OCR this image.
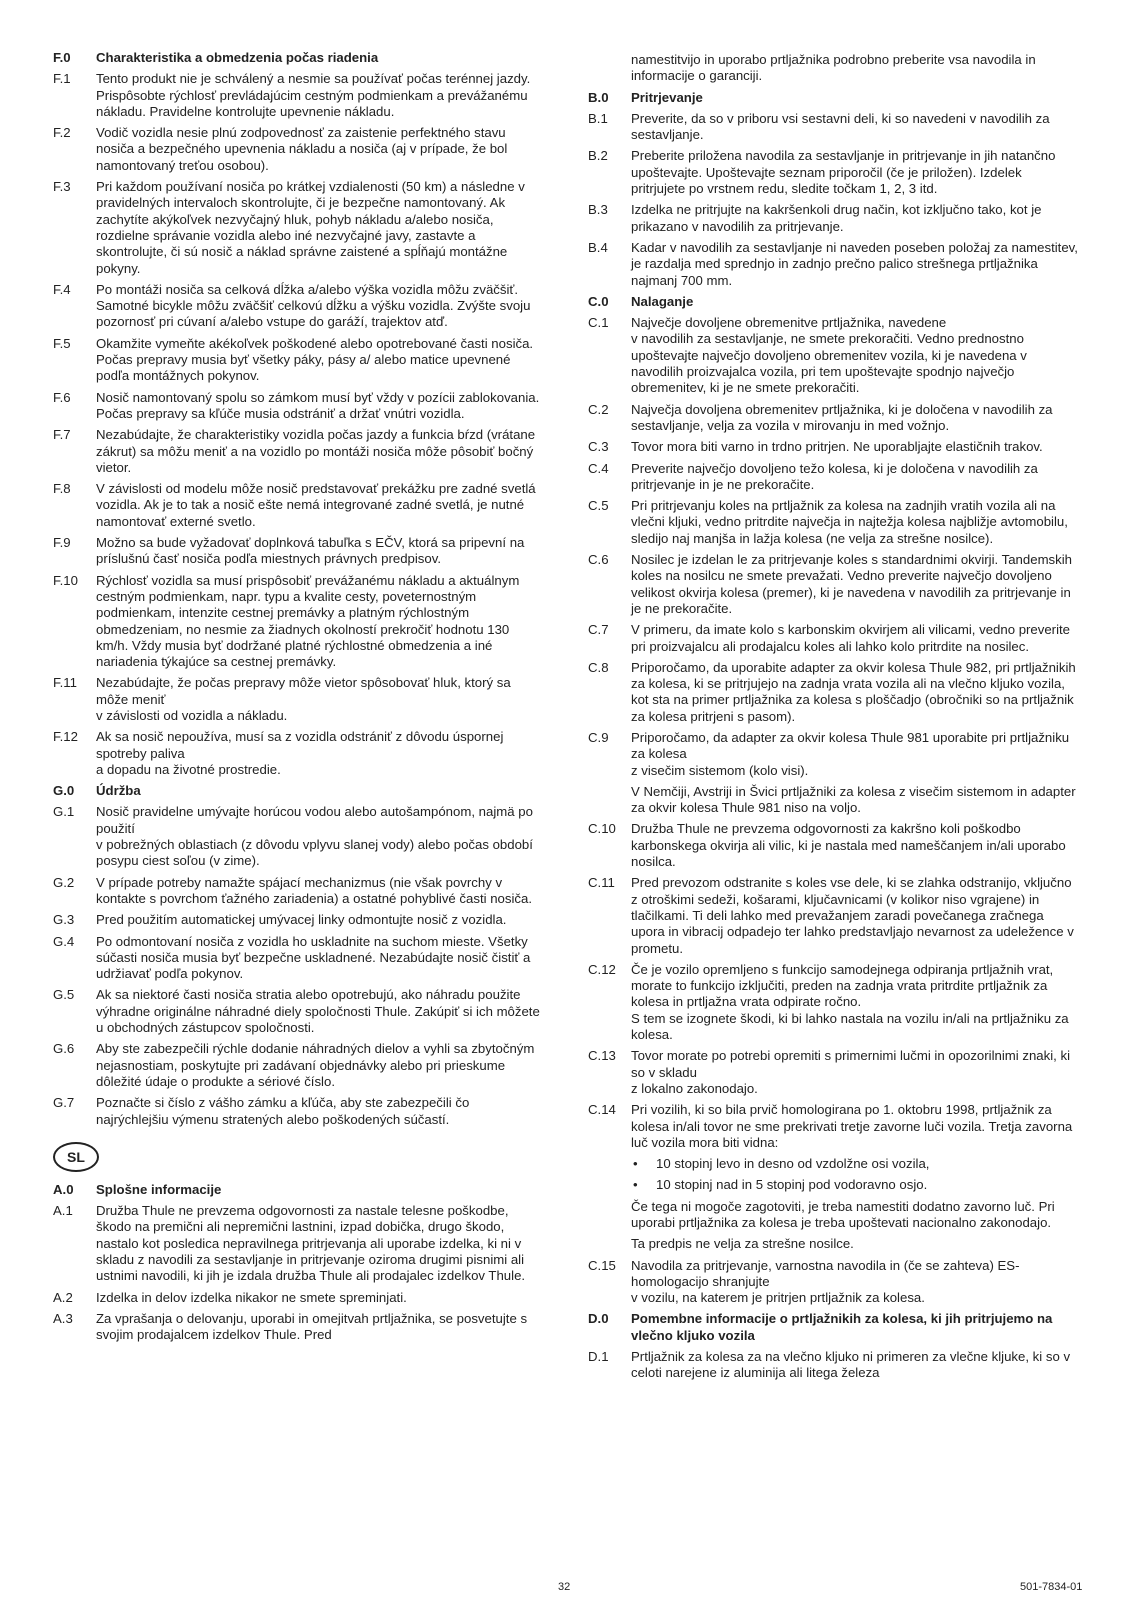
F.0	Charakteristika a obmedzenia počas riadenia
F.1	Tento produkt nie je schválený a nesmie sa používať počas terénnej jazdy. Prispôsobte rýchlosť prevládajúcim cestným podmienkam a prevážanému nákladu. Pravidelne kontrolujte upevnenie nákladu.
F.2	Vodič vozidla nesie plnú zodpovednosť za zaistenie perfektného stavu nosiča a bezpečného upevnenia nákladu a nosiča (aj v prípade, že bol namontovaný treťou osobou).
F.3	Pri každom používaní nosiča po krátkej vzdialenosti (50 km) a následne v pravidelných intervaloch skontrolujte, či je bezpečne namontovaný. Ak zachytíte akýkoľvek nezvyčajný hluk, pohyb nákladu a/alebo nosiča, rozdielne správanie vozidla alebo iné nezvyčajné javy, zastavte a skontrolujte, či sú nosič a náklad správne zaistené a spĺňajú montážne pokyny.
F.4	Po montáži nosiča sa celková dĺžka a/alebo výška vozidla môžu zväčšiť. Samotné bicykle môžu zväčšiť celkovú dĺžku a výšku vozidla. Zvýšte svoju pozornosť pri cúvaní a/alebo vstupe do garáží, trajektov atď.
F.5	Okamžite vymeňte akékoľvek poškodené alebo opotrebované časti nosiča. Počas prepravy musia byť všetky páky, pásy a/ alebo matice upevnené podľa montážnych pokynov.
F.6	Nosič namontovaný spolu so zámkom musí byť vždy v pozícii zablokovania. Počas prepravy sa kľúče musia odstrániť a držať vnútri vozidla.
F.7	Nezabúdajte, že charakteristiky vozidla počas jazdy a funkcia bŕzd (vrátane zákrut) sa môžu meniť a na vozidlo po montáži nosiča môže pôsobiť bočný vietor.
F.8	V závislosti od modelu môže nosič predstavovať prekážku pre zadné svetlá vozidla. Ak je to tak a nosič ešte nemá integrované zadné svetlá, je nutné namontovať externé svetlo.
F.9	Možno sa bude vyžadovať doplnková tabuľka s EČV, ktorá sa pripevní na príslušnú časť nosiča podľa miestnych právnych predpisov.
F.10	Rýchlosť vozidla sa musí prispôsobiť prevážanému nákladu a aktuálnym cestným podmienkam, napr. typu a kvalite cesty, poveternostným podmienkam, intenzite cestnej premávky a platným rýchlostným obmedzeniam, no nesmie za žiadnych okolností prekročiť hodnotu 130 km/h. Vždy musia byť dodržané platné rýchlostné obmedzenia a iné nariadenia týkajúce sa cestnej premávky.
F.11	Nezabúdajte, že počas prepravy môže vietor spôsobovať hluk, ktorý sa môže meniť
v závislosti od vozidla a nákladu.
F.12	Ak sa nosič nepoužíva, musí sa z vozidla odstrániť z dôvodu úspornej spotreby paliva
a dopadu na životné prostredie.
G.0	Údržba
G.1	Nosič pravidelne umývajte horúcou vodou alebo autošampónom, najmä po použití
v pobrežných oblastiach (z dôvodu vplyvu slanej vody) alebo počas období posypu ciest soľou (v zime).
G.2	V prípade potreby namažte spájací mechanizmus (nie však povrchy v kontakte s povrchom ťažného zariadenia) a ostatné pohyblivé časti nosiča.
G.3	Pred použitím automatickej umývacej linky odmontujte nosič z vozidla.
G.4	Po odmontovaní nosiča z vozidla ho uskladnite na suchom mieste. Všetky súčasti nosiča musia byť bezpečne uskladnené. Nezabúdajte nosič čistiť a udržiavať podľa pokynov.
G.5	Ak sa niektoré časti nosiča stratia alebo opotrebujú, ako náhradu použite výhradne originálne náhradné diely spoločnosti Thule. Zakúpiť si ich môžete u obchodných zástupcov spoločnosti.
G.6	Aby ste zabezpečili rýchle dodanie náhradných dielov a vyhli sa zbytočným nejasnostiam, poskytujte pri zadávaní objednávky alebo pri prieskume dôležité údaje o produkte a sériové číslo.
G.7	Poznačte si číslo z vášho zámku a kľúča, aby ste zabezpečili čo najrýchlejšiu výmenu stratených alebo poškodených súčastí.
SL
A.0	Splošne informacije
A.1	Družba Thule ne prevzema odgovornosti za nastale telesne poškodbe, škodo na premični ali nepremični lastnini, izpad dobička, drugo škodo, nastalo kot posledica nepravilnega pritrjevanja ali uporabe izdelka, ki ni v skladu z navodili za sestavljanje in pritrjevanje oziroma drugimi pisnimi ali ustnimi navodili, ki jih je izdala družba Thule ali prodajalec izdelkov Thule.
A.2	Izdelka in delov izdelka nikakor ne smete spreminjati.
A.3	Za vprašanja o delovanju, uporabi in omejitvah prtljažnika, se posvetujte s svojim prodajalcem izdelkov Thule. Pred
namestitvijo in uporabo prtljažnika podrobno preberite vsa navodila in informacije o garanciji.
B.0	Pritrjevanje
B.1	Preverite, da so v priboru vsi sestavni deli, ki so navedeni v navodilih za sestavljanje.
B.2	Preberite priložena navodila za sestavljanje in pritrjevanje in jih natančno upoštevajte. Upoštevajte seznam priporočil (če je priložen). Izdelek pritrjujete po vrstnem redu, sledite točkam 1, 2, 3 itd.
B.3	Izdelka ne pritrjujte na kakršenkoli drug način, kot izključno tako, kot je prikazano v navodilih za pritrjevanje.
B.4	Kadar v navodilih za sestavljanje ni naveden poseben položaj za namestitev, je razdalja med sprednjo in zadnjo prečno palico strešnega prtljažnika najmanj 700 mm.
C.0	Nalaganje
C.1	Največje dovoljene obremenitve prtljažnika, navedene
v navodilih za sestavljanje, ne smete prekoračiti. Vedno prednostno upoštevajte največjo dovoljeno obremenitev vozila, ki je navedena v navodilih proizvajalca vozila, pri tem upoštevajte spodnjo največjo obremenitev, ki je ne smete prekoračiti.
C.2	Največja dovoljena obremenitev prtljažnika, ki je določena v navodilih za sestavljanje, velja za vozila v mirovanju in med vožnjo.
C.3	Tovor mora biti varno in trdno pritrjen. Ne uporabljajte elastičnih trakov.
C.4	Preverite največjo dovoljeno težo kolesa, ki je določena v navodilih za pritrjevanje in je ne prekoračite.
C.5	Pri pritrjevanju koles na prtljažnik za kolesa na zadnjih vratih vozila ali na vlečni kljuki, vedno pritrdite največja in najtežja kolesa najbližje avtomobilu, sledijo naj manjša in lažja kolesa (ne velja za strešne nosilce).
C.6	Nosilec je izdelan le za pritrjevanje koles s standardnimi okvirji. Tandemskih koles na nosilcu ne smete prevažati. Vedno preverite največjo dovoljeno velikost okvirja kolesa (premer), ki je navedena v navodilih za pritrjevanje in je ne prekoračite.
C.7	V primeru, da imate kolo s karbonskim okvirjem ali vilicami, vedno preverite pri proizvajalcu ali prodajalcu koles ali lahko kolo pritrdite na nosilec.
C.8	Priporočamo, da uporabite adapter za okvir kolesa Thule 982, pri prtljažnikih za kolesa, ki se pritrjujejo na zadnja vrata vozila ali na vlečno kljuko vozila, kot sta na primer prtljažnika za kolesa s ploščadjo (obročniki so na prtljažnik za kolesa pritrjeni s pasom).
C.9	Priporočamo, da adapter za okvir kolesa Thule 981 uporabite pri prtljažniku za kolesa
z visečim sistemom (kolo visi).
V Nemčiji, Avstriji in Švici prtljažniki za kolesa z visečim sistemom in adapter za okvir kolesa Thule 981 niso na voljo.
C.10	Družba Thule ne prevzema odgovornosti za kakršno koli poškodbo karbonskega okvirja ali vilic, ki je nastala med nameščanjem in/ali uporabo nosilca.
C.11	Pred prevozom odstranite s koles vse dele, ki se zlahka odstranijo, vključno z otroškimi sedeži, košarami, ključavnicami (v kolikor niso vgrajene) in tlačilkami. Ti deli lahko med prevažanjem zaradi povečanega zračnega upora in vibracij odpadejo ter lahko predstavljajo nevarnost za udeležence v prometu.
C.12	Če je vozilo opremljeno s funkcijo samodejnega odpiranja prtljažnih vrat, morate to funkcijo izključiti, preden na zadnja vrata pritrdite prtljažnik za kolesa in prtljažna vrata odpirate ročno.
S tem se izognete škodi, ki bi lahko nastala na vozilu in/ali na prtljažniku za kolesa.
C.13	Tovor morate po potrebi opremiti s primernimi lučmi in opozorilnimi znaki, ki so v skladu
z lokalno zakonodajo.
C.14	Pri vozilih, ki so bila prvič homologirana po 1. oktobru 1998, prtljažnik za kolesa in/ali tovor ne sme prekrivati tretje zavorne luči vozila. Tretja zavorna luč vozila mora biti vidna:
• 10 stopinj levo in desno od vzdolžne osi vozila,
• 10 stopinj nad in 5 stopinj pod vodoravno osjo.
Če tega ni mogoče zagotoviti, je treba namestiti dodatno zavorno luč. Pri uporabi prtljažnika za kolesa je treba upoštevati nacionalno zakonodajo.
Ta predpis ne velja za strešne nosilce.
C.15	Navodila za pritrjevanje, varnostna navodila in (če se zahteva) ES-homologacijo shranjujte
v vozilu, na katerem je pritrjen prtljažnik za kolesa.
D.0	Pomembne informacije o prtljažnikih za kolesa, ki jih pritrjujemo na vlečno kljuko vozila
D.1	Prtljažnik za kolesa za na vlečno kljuko ni primeren za vlečne kljuke, ki so v celoti narejene iz aluminija ali litega železa
32	501-7834-01
